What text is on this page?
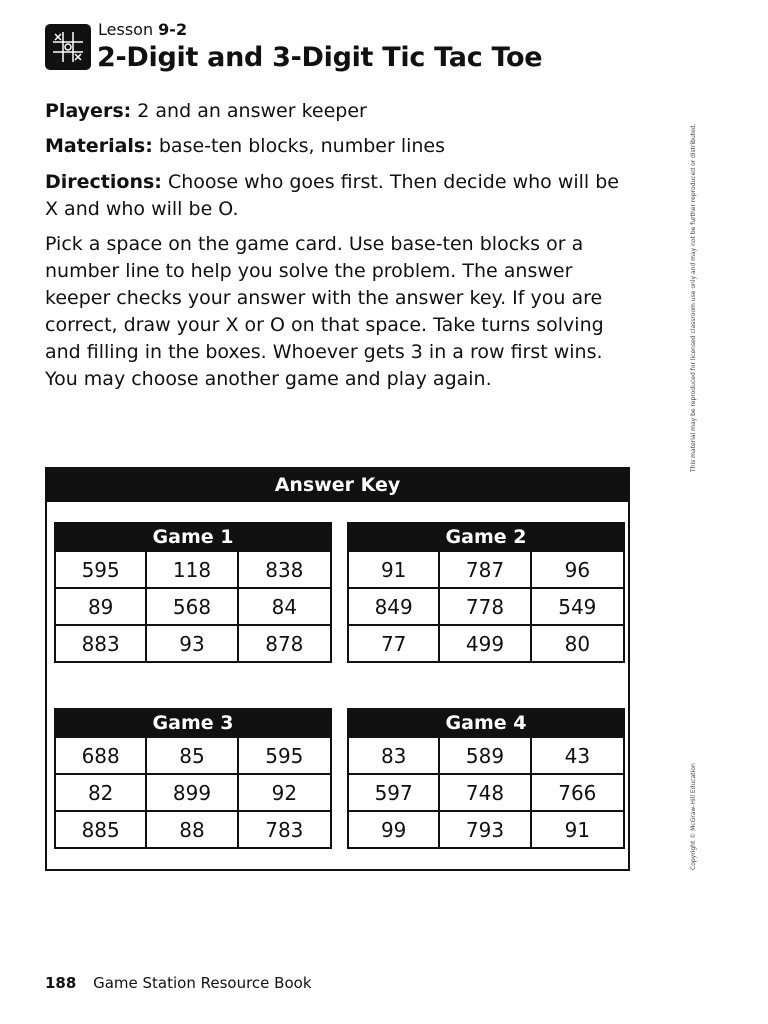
Lesson 9-2
2-Digit and 3-Digit Tic Tac Toe
Players: 2 and an answer keeper
Materials: base-ten blocks, number lines
Directions: Choose who goes first. Then decide who will be X and who will be O.
Pick a space on the game card. Use base-ten blocks or a number line to help you solve the problem. The answer keeper checks your answer with the answer key. If you are correct, draw your X or O on that space. Take turns solving and filling in the boxes. Whoever gets 3 in a row first wins. You may choose another game and play again.	This material may be reproduced for licensed classroom use only and may not be further reproduced or distributed.
Copyright © McGraw-Hill Education
Answer Key
Game 1
595	118	838
89	568	84
883	93	878
Game 2
91	787	96
849	778	549
77	499	80
Game 3
688	85	595
82	899	92
885	88	783
Game 4
83	589	43
597	748	766
99	793	91
188 Game Station Resource Book
